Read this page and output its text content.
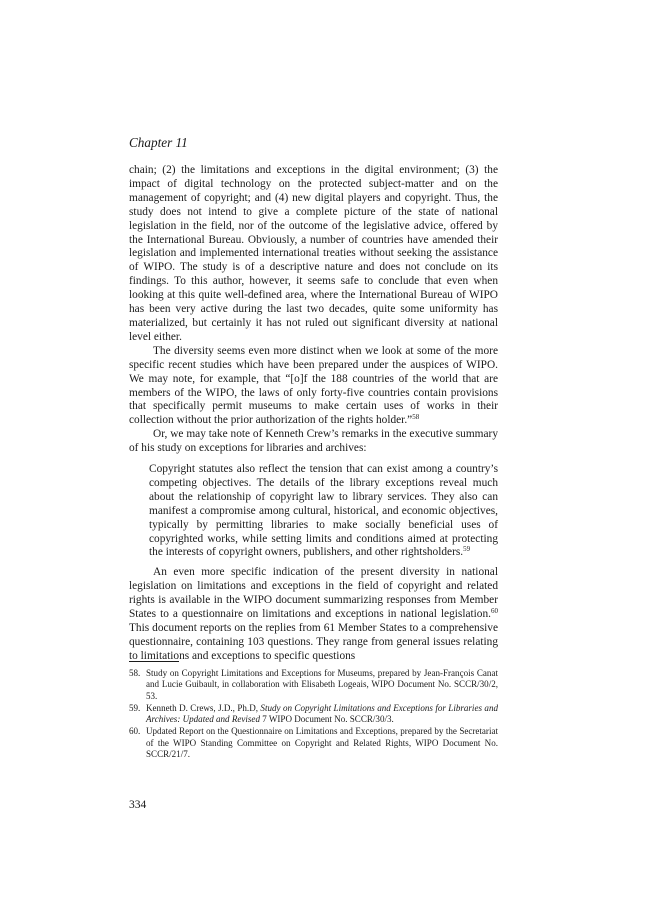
Chapter 11

chain; (2) the limitations and exceptions in the digital environment; (3) the impact of digital technology on the protected subject-matter and on the management of copyright; and (4) new digital players and copyright. Thus, the study does not intend to give a complete picture of the state of national legislation in the field, nor of the outcome of the legislative advice, offered by the International Bureau. Obviously, a number of countries have amended their legislation and implemented international treaties without seeking the assistance of WIPO. The study is of a descriptive nature and does not conclude on its findings. To this author, however, it seems safe to conclude that even when looking at this quite well-defined area, where the International Bureau of WIPO has been very active during the last two decades, quite some uniformity has materialized, but certainly it has not ruled out significant diversity at national level either.

The diversity seems even more distinct when we look at some of the more specific recent studies which have been prepared under the auspices of WIPO. We may note, for example, that “[o]f the 188 countries of the world that are members of the WIPO, the laws of only forty-five countries contain provisions that specifically permit museums to make certain uses of works in their collection without the prior authorization of the rights holder.”$^{58}$

Or, we may take note of Kenneth Crew’s remarks in the executive summary of his study on exceptions for libraries and archives:

Copyright statutes also reflect the tension that can exist among a country’s competing objectives. The details of the library exceptions reveal much about the relationship of copyright law to library services. They also can manifest a compromise among cultural, historical, and economic objectives, typically by permitting libraries to make socially beneficial uses of copyrighted works, while setting limits and conditions aimed at protecting the interests of copyright owners, publishers, and other rightsholders.$^{59}$

An even more specific indication of the present diversity in national legislation on limitations and exceptions in the field of copyright and related rights is available in the WIPO document summarizing responses from Member States to a questionnaire on limitations and exceptions in national legislation.$^{60}$ This document reports on the replies from 61 Member States to a comprehensive questionnaire, containing 103 questions. They range from general issues relating to limitations and exceptions to specific questions

58. Study on Copyright Limitations and Exceptions for Museums, prepared by Jean-François Canat and Lucie Guibault, in collaboration with Elisabeth Logeais, WIPO Document No. SCCR/30/2, 53.
59. Kenneth D. Crews, J.D., Ph.D, Study on Copyright Limitations and Exceptions for Libraries and Archives: Updated and Revised 7 WIPO Document No. SCCR/30/3.
60. Updated Report on the Questionnaire on Limitations and Exceptions, prepared by the Secretariat of the WIPO Standing Committee on Copyright and Related Rights, WIPO Document No. SCCR/21/7.
334
